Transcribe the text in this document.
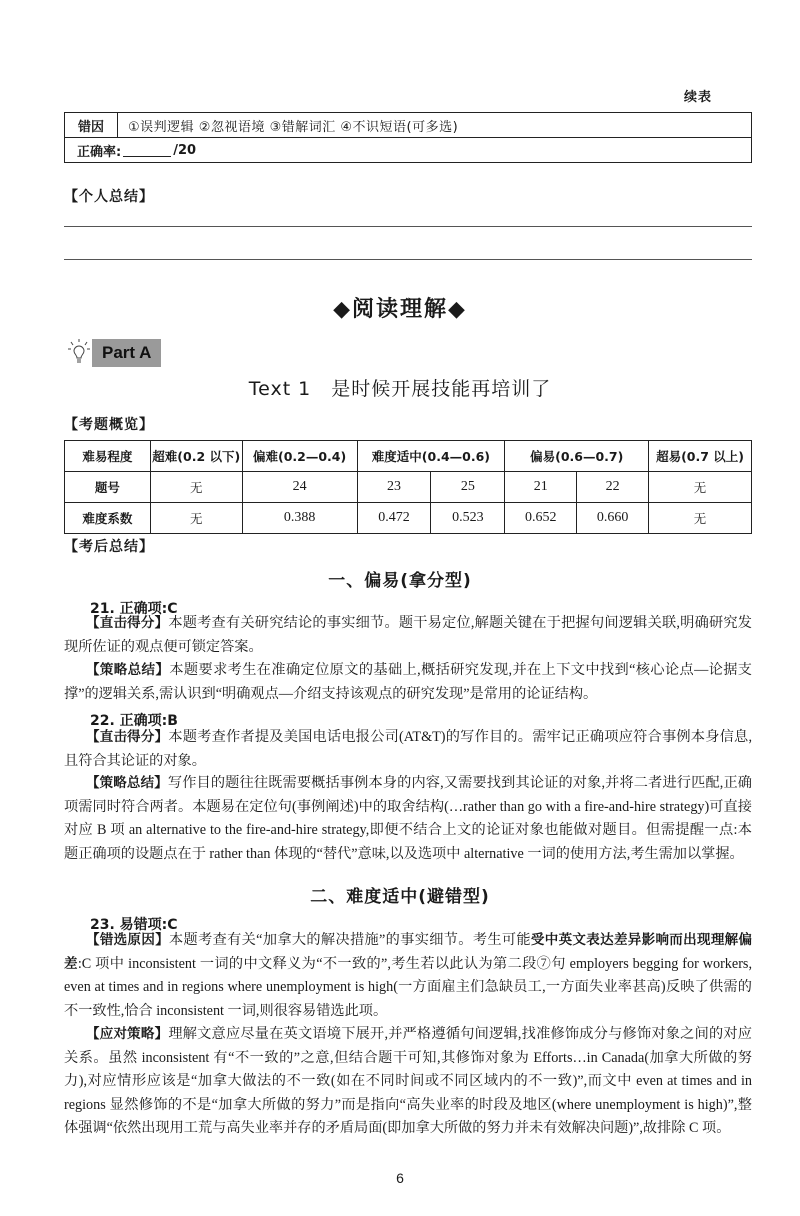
续表
错因	①误判逻辑 ②忽视语境 ③错解词汇 ④不识短语(可多选)
正确率:	/20
【个人总结】
◆阅读理解◆
Part A
Text 1　是时候开展技能再培训了
【考题概览】
难易程度	超难(0.2 以下)	偏难(0.2—0.4)	难度适中(0.4—0.6)		偏易(0.6—0.7)		超易(0.7 以上)
题号	无	24	23	25	21	22	无
难度系数	无	0.388	0.472	0.523	0.652	0.660	无
【考后总结】
一、偏易(拿分型)
21. 正确项:C
【直击得分】本题考查有关研究结论的事实细节。题干易定位,解题关键在于把握句间逻辑关联,明确研究发现所佐证的观点便可锁定答案。
【策略总结】本题要求考生在准确定位原文的基础上,概括研究发现,并在上下文中找到“核心论点—论据支撑”的逻辑关系,需认识到“明确观点—介绍支持该观点的研究发现”是常用的论证结构。
22. 正确项:B
【直击得分】本题考查作者提及美国电话电报公司(AT&T)的写作目的。需牢记正确项应符合事例本身信息,且符合其论证的对象。
【策略总结】写作目的题往往既需要概括事例本身的内容,又需要找到其论证的对象,并将二者进行匹配,正确项需同时符合两者。本题易在定位句(事例阐述)中的取舍结构(…rather than go with a fire-and-hire strategy)可直接对应 B 项 an alternative to the fire-and-hire strategy,即便不结合上文的论证对象也能做对题目。但需提醒一点:本题正确项的设题点在于 rather than 体现的“替代”意味,以及选项中 alternative 一词的使用方法,考生需加以掌握。
二、难度适中(避错型)
23. 易错项:C
【错选原因】本题考查有关“加拿大的解决措施”的事实细节。考生可能受中英文表达差异影响而出现理解偏差:C 项中 inconsistent 一词的中文释义为“不一致的”,考生若以此认为第二段⑦句 employers begging for workers, even at times and in regions where unemployment is high(一方面雇主们急缺员工,一方面失业率甚高)反映了供需的不一致性,恰合 inconsistent 一词,则很容易错选此项。
【应对策略】理解文意应尽量在英文语境下展开,并严格遵循句间逻辑,找准修饰成分与修饰对象之间的对应关系。虽然 inconsistent 有“不一致的”之意,但结合题干可知,其修饰对象为 Efforts…in Canada(加拿大所做的努力),对应情形应该是“加拿大做法的不一致(如在不同时间或不同区域内的不一致)”,而文中 even at times and in regions 显然修饰的不是“加拿大所做的努力”而是指向“高失业率的时段及地区(where unemployment is high)”,整体强调“依然出现用工荒与高失业率并存的矛盾局面(即加拿大所做的努力并未有效解决问题)”,故排除 C 项。
6
